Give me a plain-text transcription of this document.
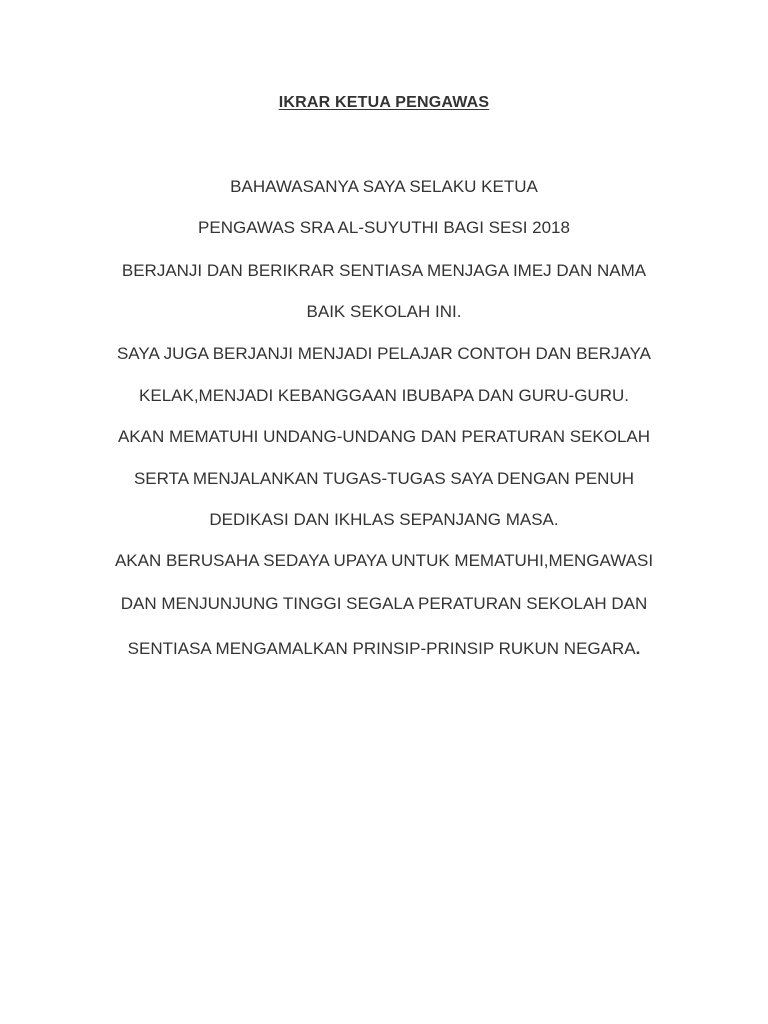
IKRAR KETUA PENGAWAS
BAHAWASANYA SAYA SELAKU KETUA
PENGAWAS SRA AL-SUYUTHI BAGI SESI 2018
BERJANJI DAN BERIKRAR SENTIASA MENJAGA IMEJ DAN NAMA
BAIK SEKOLAH INI.
SAYA JUGA BERJANJI MENJADI PELAJAR CONTOH DAN BERJAYA
KELAK,MENJADI KEBANGGAAN IBUBAPA DAN GURU-GURU.
AKAN MEMATUHI UNDANG-UNDANG DAN PERATURAN SEKOLAH
SERTA MENJALANKAN TUGAS-TUGAS SAYA DENGAN PENUH
DEDIKASI DAN IKHLAS SEPANJANG MASA.
AKAN BERUSAHA SEDAYA UPAYA UNTUK MEMATUHI,MENGAWASI
DAN MENJUNJUNG TINGGI SEGALA PERATURAN SEKOLAH DAN
SENTIASA MENGAMALKAN PRINSIP-PRINSIP RUKUN NEGARA.
